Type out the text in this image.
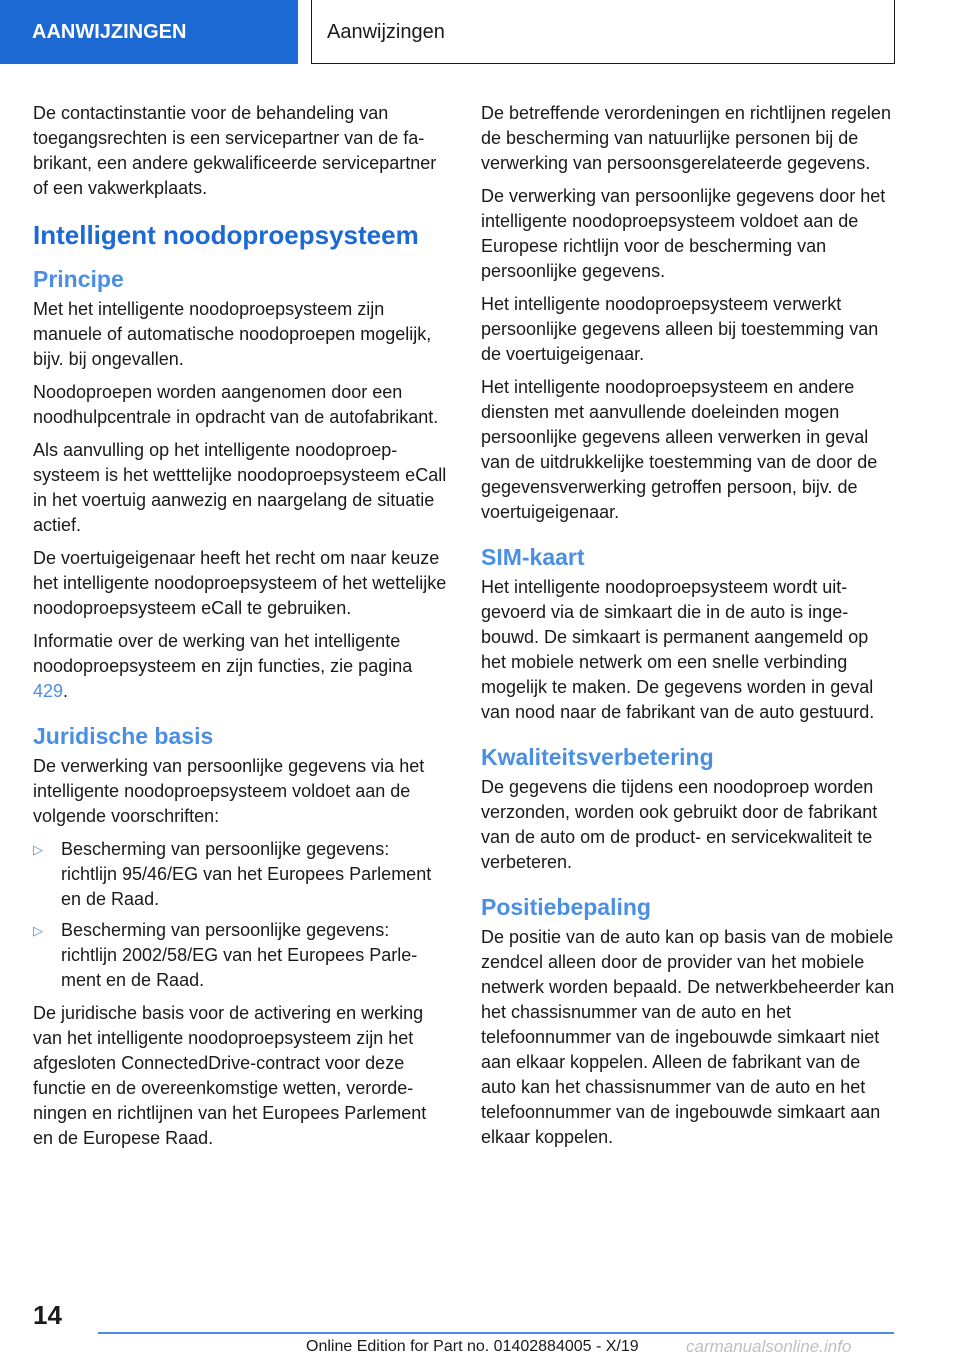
AANWIJZINGEN	Aanwijzingen

De contactinstantie voor de behandeling van toegangsrechten is een servicepartner van de fabrikant, een andere gekwalificeerde servicepartner of een vakwerkplaats.

Intelligent noodoproepsysteem
Principe

Met het intelligente noodoproepsysteem zijn manuele of automatische noodoproepen mogelijk, bijv. bij ongevallen.

Noodoproepen worden aangenomen door een noodhulpcentrale in opdracht van de autofabrikant.

Als aanvulling op het intelligente noodoproepsysteem is het wetttelijke noodoproepsysteem eCall in het voertuig aanwezig en naargelang de situatie actief.

De voertuigeigenaar heeft het recht om naar keuze het intelligente noodoproepsysteem of het wettelijke noodoproepsysteem eCall te gebruiken.

Informatie over de werking van het intelligente noodoproepsysteem en zijn functies, zie pagina 429.

Juridische basis

De verwerking van persoonlijke gegevens via het intelligente noodoproepsysteem voldoet aan de volgende voorschriften:

▷ Bescherming van persoonlijke gegevens: richtlijn 95/46/EG van het Europees Parlement en de Raad.
▷ Bescherming van persoonlijke gegevens: richtlijn 2002/58/EG van het Europees Parlement en de Raad.

De juridische basis voor de activering en werking van het intelligente noodoproepsysteem zijn het afgesloten ConnectedDrive-contract voor deze functie en de overeenkomstige wetten, verordeningen en richtlijnen van het Europees Parlement en de Europese Raad.

De betreffende verordeningen en richtlijnen regelen de bescherming van natuurlijke personen bij de verwerking van persoonsgerelateerde gegevens.

De verwerking van persoonlijke gegevens door het intelligente noodoproepsysteem voldoet aan de Europese richtlijn voor de bescherming van persoonlijke gegevens.

Het intelligente noodoproepsysteem verwerkt persoonlijke gegevens alleen bij toestemming van de voertuigeigenaar.

Het intelligente noodoproepsysteem en andere diensten met aanvullende doeleinden mogen persoonlijke gegevens alleen verwerken in geval van de uitdrukkelijke toestemming van de door de gegevensverwerking getroffen persoon, bijv. de voertuigeigenaar.

SIM-kaart

Het intelligente noodoproepsysteem wordt uitgevoerd via de simkaart die in de auto is ingebouwd. De simkaart is permanent aangemeld op het mobiele netwerk om een snelle verbinding mogelijk te maken. De gegevens worden in geval van nood naar de fabrikant van de auto gestuurd.

Kwaliteitsverbetering

De gegevens die tijdens een noodoproep worden verzonden, worden ook gebruikt door de fabrikant van de auto om de product- en servicekwaliteit te verbeteren.

Positiebepaling

De positie van de auto kan op basis van de mobiele zendcel alleen door de provider van het mobiele netwerk worden bepaald. De netwerkbeheerder kan het chassisnummer van de auto en het telefoonnummer van de ingebouwde simkaart niet aan elkaar koppelen. Alleen de fabrikant van de auto kan het chassisnummer van de auto en het telefoonnummer van de ingebouwde simkaart aan elkaar koppelen.

14
Online Edition for Part no. 01402884005 - X/19	carmanualsonline.info
